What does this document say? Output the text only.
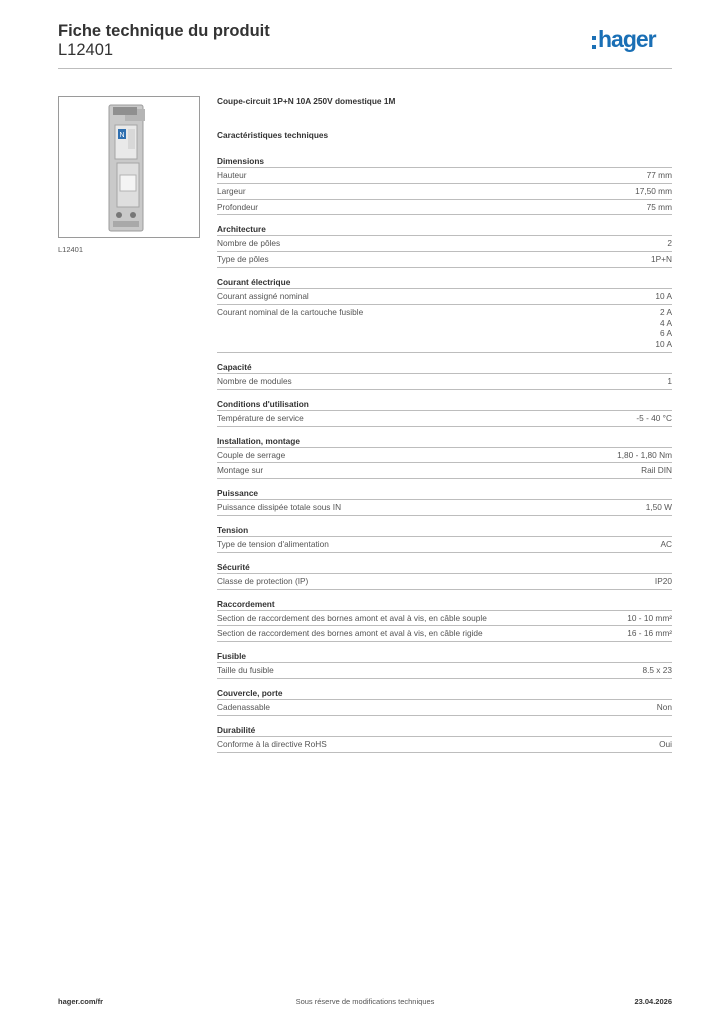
Fiche technique du produit
L12401	hager
N
L12401
Coupe-circuit 1P+N 10A 250V domestique 1M
Caractéristiques techniques
Dimensions
Hauteur	77 mm
Largeur	17,50 mm
Profondeur	75 mm
Architecture
Nombre de pôles	2
Type de pôles	1P+N
Courant électrique
Courant assigné nominal	10 A
Courant nominal de la cartouche fusible	2 A
4 A
6 A
10 A
Capacité
Nombre de modules	1
Conditions d'utilisation
Température de service	-5 - 40 °C
Installation, montage
Couple de serrage	1,80 - 1,80 Nm
Montage sur	Rail DIN
Puissance
Puissance dissipée totale sous IN	1,50 W
Tension
Type de tension d'alimentation	AC
Sécurité
Classe de protection (IP)	IP20
Raccordement
Section de raccordement des bornes amont et aval à vis, en câble souple	10 - 10 mm²
Section de raccordement des bornes amont et aval à vis, en câble rigide	16 - 16 mm²
Fusible
Taille du fusible	8.5 x 23
Couvercle, porte
Cadenassable	Non
Durabilité
Conforme à la directive RoHS	Oui
Sous réserve de modifications techniques
hager.com/fr	23.04.2026
